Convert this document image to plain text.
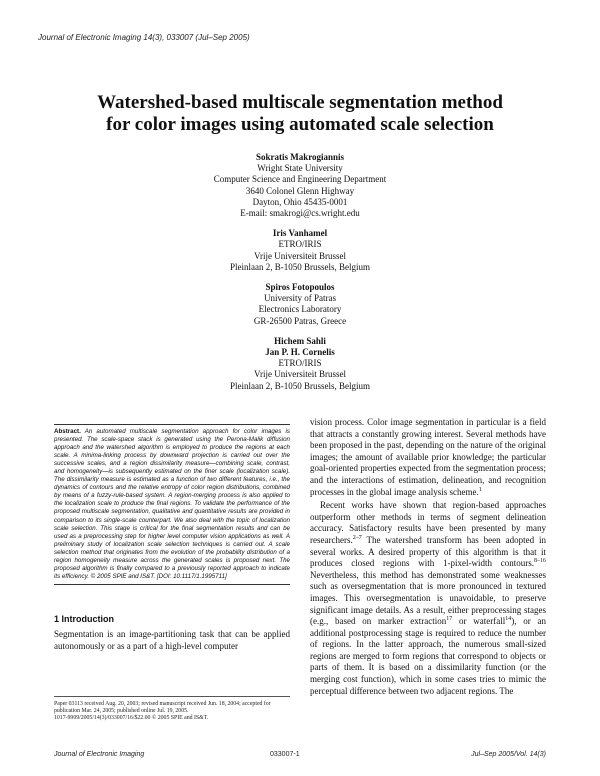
Journal of Electronic Imaging 14(3), 033007 (Jul–Sep 2005)
Watershed-based multiscale segmentation method
for color images using automated scale selection
Sokratis Makrogiannis
Wright State University
Computer Science and Engineering Department
3640 Colonel Glenn Highway
Dayton, Ohio 45435-0001
E-mail: smakrogi@cs.wright.edu
Iris Vanhamel
ETRO/IRIS
Vrije Universiteit Brussel
Pleinlaan 2, B-1050 Brussels, Belgium
Spiros Fotopoulos
University of Patras
Electronics Laboratory
GR-26500 Patras, Greece
Hichem Sahli
Jan P. H. Cornelis
ETRO/IRIS
Vrije Universiteit Brussel
Pleinlaan 2, B-1050 Brussels, Belgium
Abstract. An automated multiscale segmentation approach for color images is presented. The scale-space stack is generated using the Perona-Malik diffusion approach and the watershed algorithm is employed to produce the regions at each scale. A minima-linking process by downward projection is carried out over the successive scales, and a region dissimilarity measure—combining scale, contrast, and homogeneity—is subsequently estimated on the finer scale (localization scale). The dissimilarity measure is estimated as a function of two different features, i.e., the dynamics of contours and the relative entropy of color region distributions, combined by means of a fuzzy-rule-based system. A region-merging process is also applied to the localization scale to produce the final regions. To validate the performance of the proposed multiscale segmentation, qualitative and quantitative results are provided in comparison to its single-scale counterpart. We also deal with the topic of localization scale selection. This stage is critical for the final segmentation results and can be used as a preprocessing step for higher level computer vision applications as well. A preliminary study of localization scale selection techniques is carried out. A scale selection method that originates from the evolution of the probability distribution of a region homogeneity measure across the generated scales is proposed next. The proposed algorithm is finally compared to a previously reported approach to indicate its efficiency. © 2005 SPIE and IS&T. [DOI: 10.1117/1.1995711]
1 Introduction
Segmentation is an image-partitioning task that can be applied autonomously or as a part of a high-level computer
Paper 03113 received Aug. 20, 2003; revised manuscript received Jun. 18, 2004; accepted for publication Mar. 24, 2005; published online Jul. 19, 2005.
1017-9909/2005/14(3)/033007/16/$22.00 © 2005 SPIE and IS&T.

vision process. Color image segmentation in particular is a field that attracts a constantly growing interest. Several methods have been proposed in the past, depending on the nature of the original images; the amount of available prior knowledge; the particular goal-oriented properties expected from the segmentation process; and the interactions of estimation, delineation, and recognition processes in the global image analysis scheme.$^1$

Recent works have shown that region-based approaches outperform other methods in terms of segment delineation accuracy. Satisfactory results have been presented by many researchers.$^{2-7}$ The watershed transform has been adopted in several works. A desired property of this algorithm is that it produces closed regions with 1-pixel-width contours.$^{8-16}$ Nevertheless, this method has demonstrated some weaknesses such as oversegmentation that is more pronounced in textured images. This oversegmentation is unavoidable, to preserve significant image details. As a result, either preprocessing stages (e.g., based on marker extraction$^{17}$ or waterfall$^{14}$), or an additional postprocessing stage is required to reduce the number of regions. In the latter approach, the numerous small-sized regions are merged to form regions that correspond to objects or parts of them. It is based on a dissimilarity function (or the merging cost function), which in some cases tries to mimic the perceptual difference between two adjacent regions. The

Journal of Electronic Imaging	033007-1	Jul–Sep 2005/Vol. 14(3)
